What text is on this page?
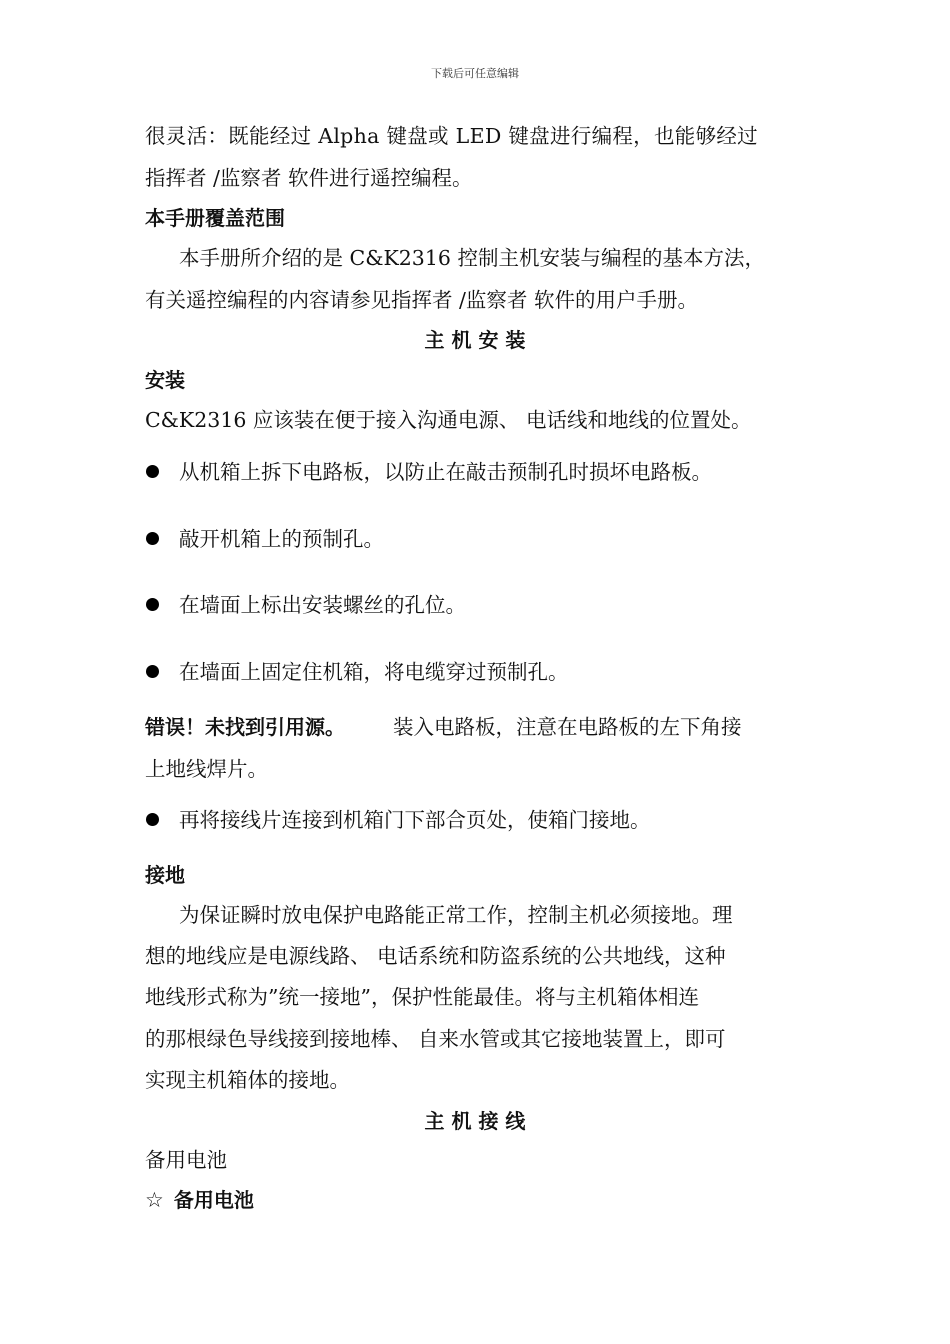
下载后可任意编辑
很灵活：既能经过 Alpha 键盘或 LED 键盘进行编程，也能够经过
指挥者 /监察者 软件进行遥控编程。
本手册覆盖范围
本手册所介绍的是 C&K2316 控制主机安装与编程的基本方法，
有关遥控编程的内容请参见指挥者 /监察者 软件的用户手册。
主 机 安 装
安装
C&K2316 应该装在便于接入沟通电源、 电话线和地线的位置处。
从机箱上拆下电路板，以防止在敲击预制孔时损坏电路板。
敲开机箱上的预制孔。
在墙面上标出安装螺丝的孔位。
在墙面上固定住机箱，将电缆穿过预制孔。
错误！未找到引用源。 装入电路板，注意在电路板的左下角接
上地线焊片。
再将接线片连接到机箱门下部合页处，使箱门接地。
接地
为保证瞬时放电保护电路能正常工作，控制主机必须接地。理
想的地线应是电源线路、 电话系统和防盗系统的公共地线，这种
地线形式称为”统一接地”，保护性能最佳。将与主机箱体相连
的那根绿色导线接到接地棒、 自来水管或其它接地装置上，即可
实现主机箱体的接地。
主 机 接 线
备用电池
☆ 备用电池
